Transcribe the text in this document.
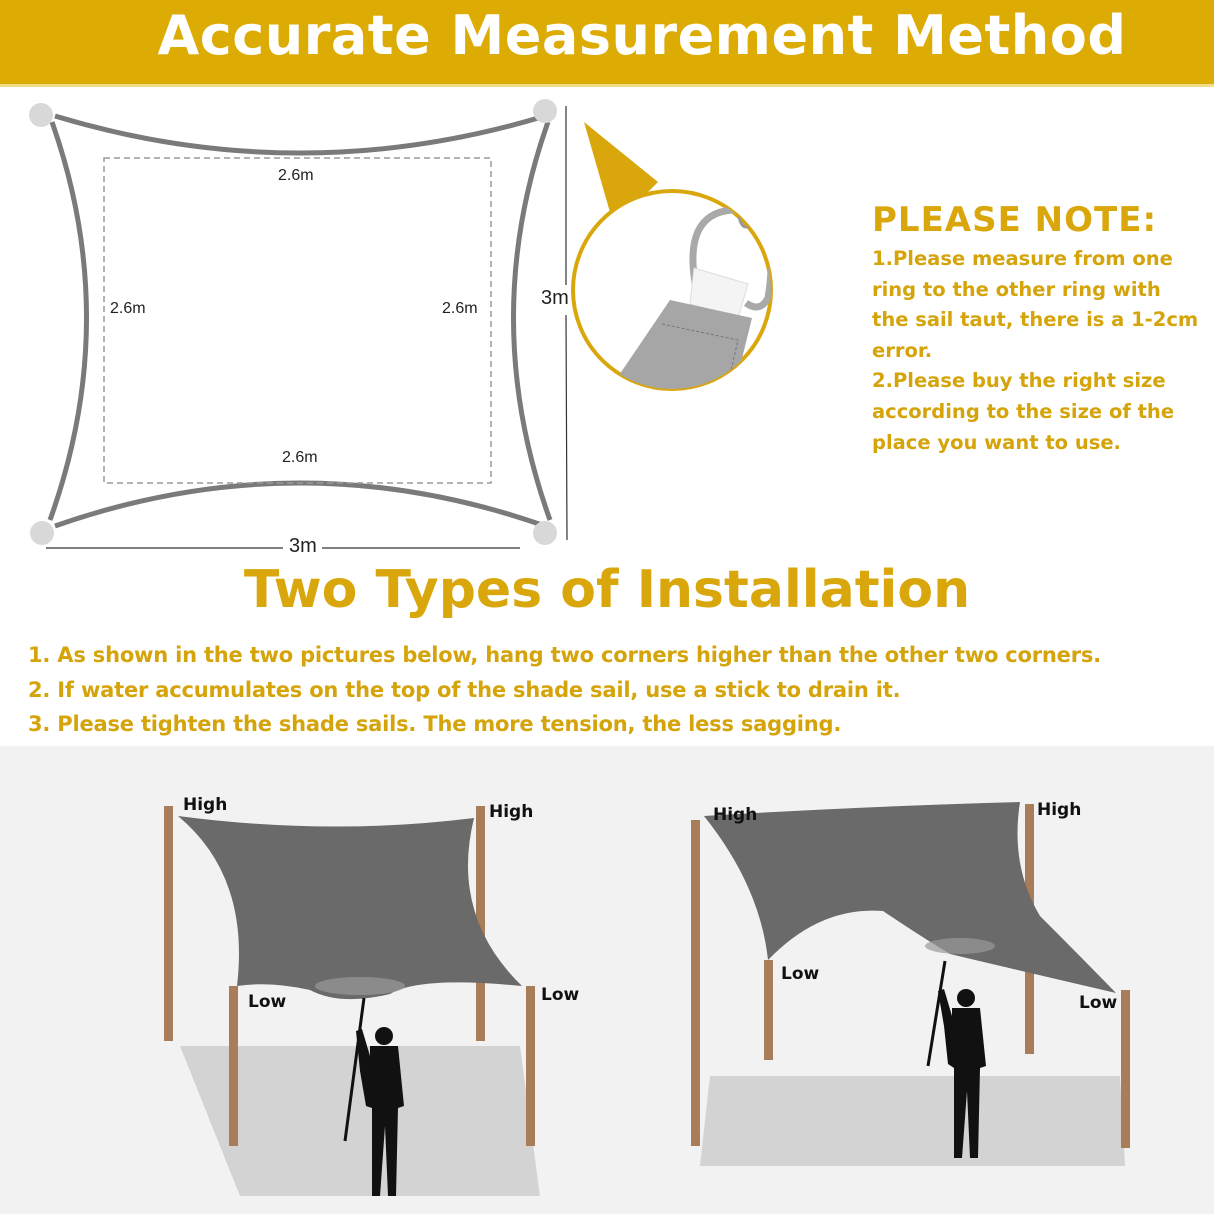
Accurate Measurement Method
2.6m
2.6m
2.6m	2.6m
3m
3m
PLEASE NOTE:
1.Please measure from one
ring to the other ring with
the sail taut, there is a 1-2cm
error.
2.Please buy the right size
according to the size of the
place you want to use.
Two Types of Installation
1. As shown in the two pictures below, hang two corners higher than the other two corners.
2. If water accumulates on the top of the shade sail, use a stick to drain it.
3. Please tighten the shade sails. The more tension, the less sagging.
High	High
Low	Low
High	High
Low
Low
